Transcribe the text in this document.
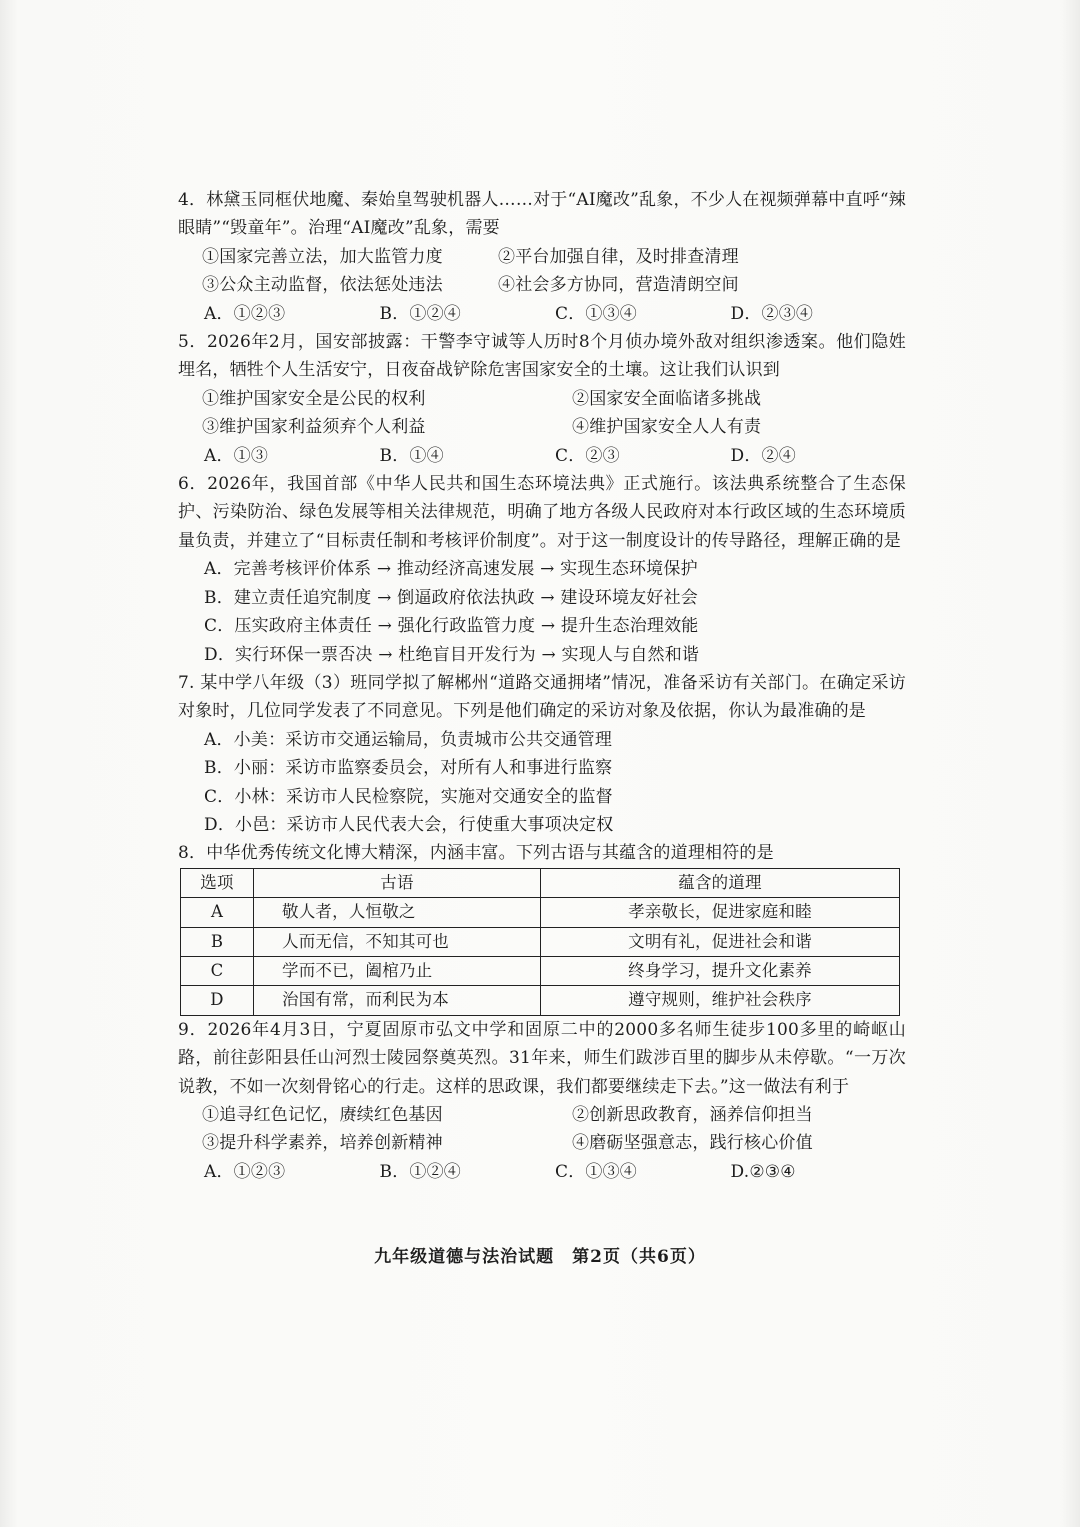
4．林黛玉同框伏地魔、秦始皇驾驶机器人……对于“AI魔改”乱象，不少人在视频弹幕中直呼“辣眼睛”“毁童年”。治理“AI魔改”乱象，需要
①国家完善立法，加大监管力度	②平台加强自律，及时排查清理
③公众主动监督，依法惩处违法	④社会多方协同，营造清朗空间
A．①②③	B．①②④	C．①③④	D．②③④
5．2026年2月，国安部披露：干警李守诚等人历时8个月侦办境外敌对组织渗透案。他们隐姓埋名，牺牲个人生活安宁，日夜奋战铲除危害国家安全的土壤。这让我们认识到
①维护国家安全是公民的权利	②国家安全面临诸多挑战
③维护国家利益须弃个人利益	④维护国家安全人人有责
A．①③	B．①④	C．②③	D．②④
6．2026年，我国首部《中华人民共和国生态环境法典》正式施行。该法典系统整合了生态保护、污染防治、绿色发展等相关法律规范，明确了地方各级人民政府对本行政区域的生态环境质量负责，并建立了“目标责任制和考核评价制度”。对于这一制度设计的传导路径，理解正确的是
A．完善考核评价体系 → 推动经济高速发展 → 实现生态环境保护
B．建立责任追究制度 → 倒逼政府依法执政 → 建设环境友好社会
C．压实政府主体责任 → 强化行政监管力度 → 提升生态治理效能
D．实行环保一票否决 → 杜绝盲目开发行为 → 实现人与自然和谐
7. 某中学八年级（3）班同学拟了解郴州“道路交通拥堵”情况，准备采访有关部门。在确定采访对象时，几位同学发表了不同意见。下列是他们确定的采访对象及依据，你认为最准确的是
A．小美：采访市交通运输局，负责城市公共交通管理
B．小丽：采访市监察委员会，对所有人和事进行监察
C．小林：采访市人民检察院，实施对交通安全的监督
D．小邑：采访市人民代表大会，行使重大事项决定权
8．中华优秀传统文化博大精深，内涵丰富。下列古语与其蕴含的道理相符的是
选项	古语	蕴含的道理
A	敬人者，人恒敬之	孝亲敬长，促进家庭和睦
B	人而无信，不知其可也	文明有礼，促进社会和谐
C	学而不已，阖棺乃止	终身学习，提升文化素养
D	治国有常，而利民为本	遵守规则，维护社会秩序
9．2026年4月3日，宁夏固原市弘文中学和固原二中的2000多名师生徒步100多里的崎岖山路，前往彭阳县任山河烈士陵园祭奠英烈。31年来，师生们跋涉百里的脚步从未停歇。“一万次说教，不如一次刻骨铭心的行走。这样的思政课，我们都要继续走下去。”这一做法有利于
①追寻红色记忆，赓续红色基因	②创新思政教育，涵养信仰担当
③提升科学素养，培养创新精神	④磨砺坚强意志，践行核心价值
A．①②③	B．①②④	C．①③④	D.②③④
九年级道德与法治试题　第2页（共6页）
